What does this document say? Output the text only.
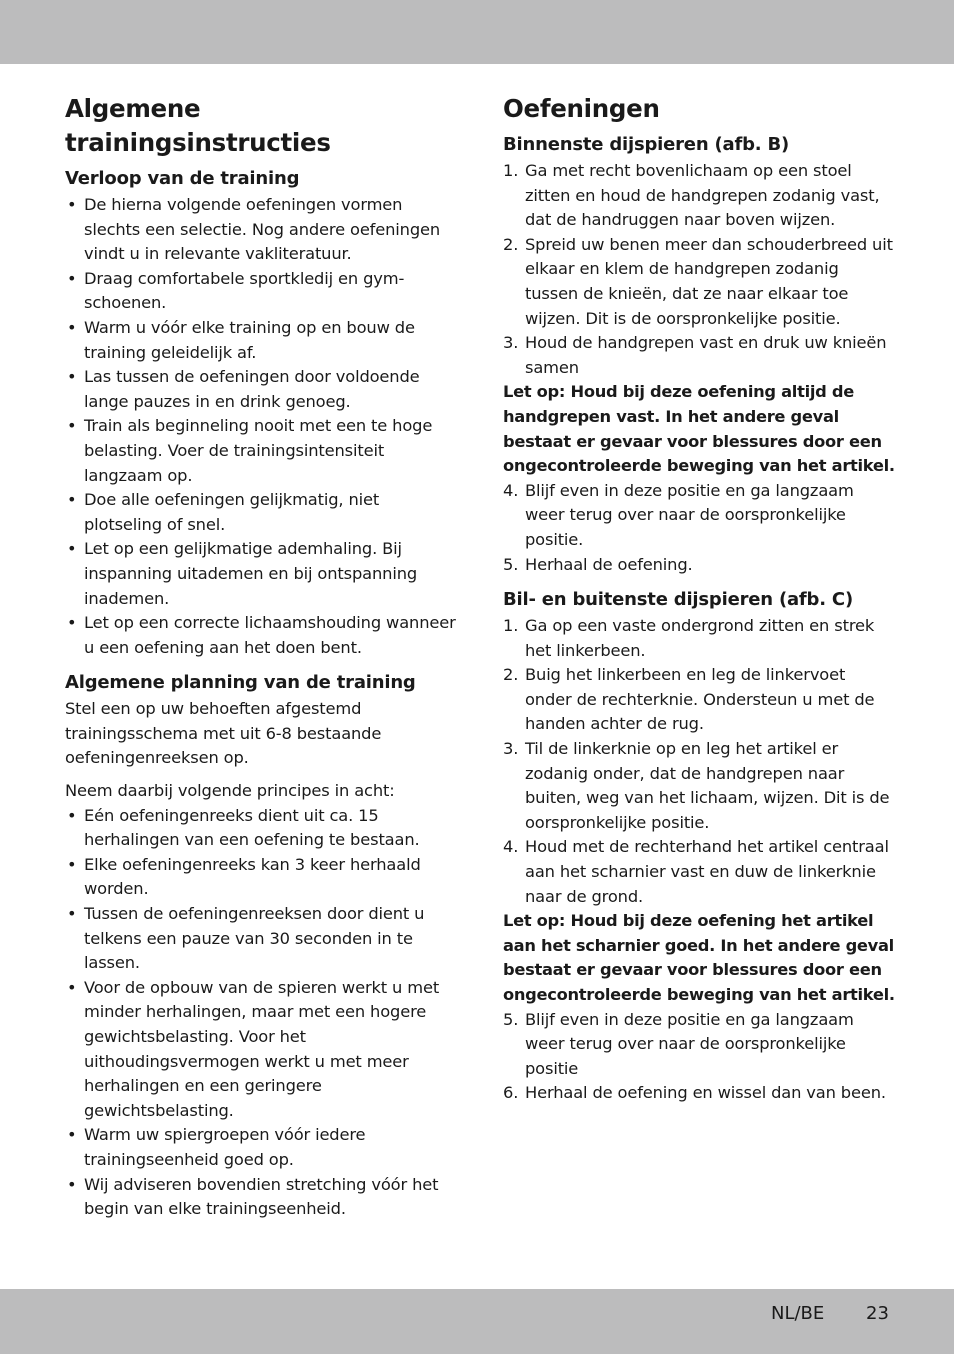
Algemene trainingsinstructies
Verloop van de training
• De hierna volgende oefeningen vormen slechts een selectie. Nog andere oefeningen vindt u in relevante vakliteratuur.
• Draag comfortabele sportkledij en gym-schoenen.
• Warm u vóór elke training op en bouw de training geleidelijk af.
• Las tussen de oefeningen door voldoende lange pauzes in en drink genoeg.
• Train als beginneling nooit met een te hoge belasting. Voer de trainingsintensiteit langzaam op.
• Doe alle oefeningen gelijkmatig, niet plotseling of snel.
• Let op een gelijkmatige ademhaling. Bij inspanning uitademen en bij ontspanning inademen.
• Let op een correcte lichaamshouding wanneer u een oefening aan het doen bent.
Algemene planning van de training

Stel een op uw behoeften afgestemd trainingsschema met uit 6-8 bestaande oefeningenreeksen op.

Neem daarbij volgende principes in acht:

• Eén oefeningenreeks dient uit ca. 15 herhalingen van een oefening te bestaan.
• Elke oefeningenreeks kan 3 keer herhaald worden.
• Tussen de oefeningenreeksen door dient u telkens een pauze van 30 seconden in te lassen.
• Voor de opbouw van de spieren werkt u met minder herhalingen, maar met een hogere gewichtsbelasting. Voor het uithoudingsvermogen werkt u met meer herhalingen en een geringere gewichtsbelasting.
• Warm uw spiergroepen vóór iedere trainingseenheid goed op.
• Wij adviseren bovendien stretching vóór het begin van elke trainingseenheid.
Oefeningen
Binnenste dijspieren (afb. B)
1. Ga met recht bovenlichaam op een stoel zitten en houd de handgrepen zodanig vast, dat de handruggen naar boven wijzen.
2. Spreid uw benen meer dan schouderbreed uit elkaar en klem de handgrepen zodanig tussen de knieën, dat ze naar elkaar toe wijzen. Dit is de oorspronkelijke positie.
3. Houd de handgrepen vast en druk uw knieën samen

Let op: Houd bij deze oefening altijd de handgrepen vast. In het andere geval bestaat er gevaar voor blessures door een ongecontroleerde beweging van het artikel.

4. Blijf even in deze positie en ga langzaam weer terug over naar de oorspronkelijke positie.
5. Herhaal de oefening.
Bil- en buitenste dijspieren (afb. C)
1. Ga op een vaste ondergrond zitten en strek het linkerbeen.
2. Buig het linkerbeen en leg de linkervoet onder de rechterknie. Ondersteun u met de handen achter de rug.
3. Til de linkerknie op en leg het artikel er zodanig onder, dat de handgrepen naar buiten, weg van het lichaam, wijzen. Dit is de oorspronkelijke positie.
4. Houd met de rechterhand het artikel centraal aan het scharnier vast en duw de linkerknie naar de grond.

Let op: Houd bij deze oefening het artikel aan het scharnier goed. In het andere geval bestaat er gevaar voor blessures door een ongecontroleerde beweging van het artikel.

5. Blijf even in deze positie en ga langzaam weer terug over naar de oorspronkelijke positie
6. Herhaal de oefening en wissel dan van been.
NL/BE 23
